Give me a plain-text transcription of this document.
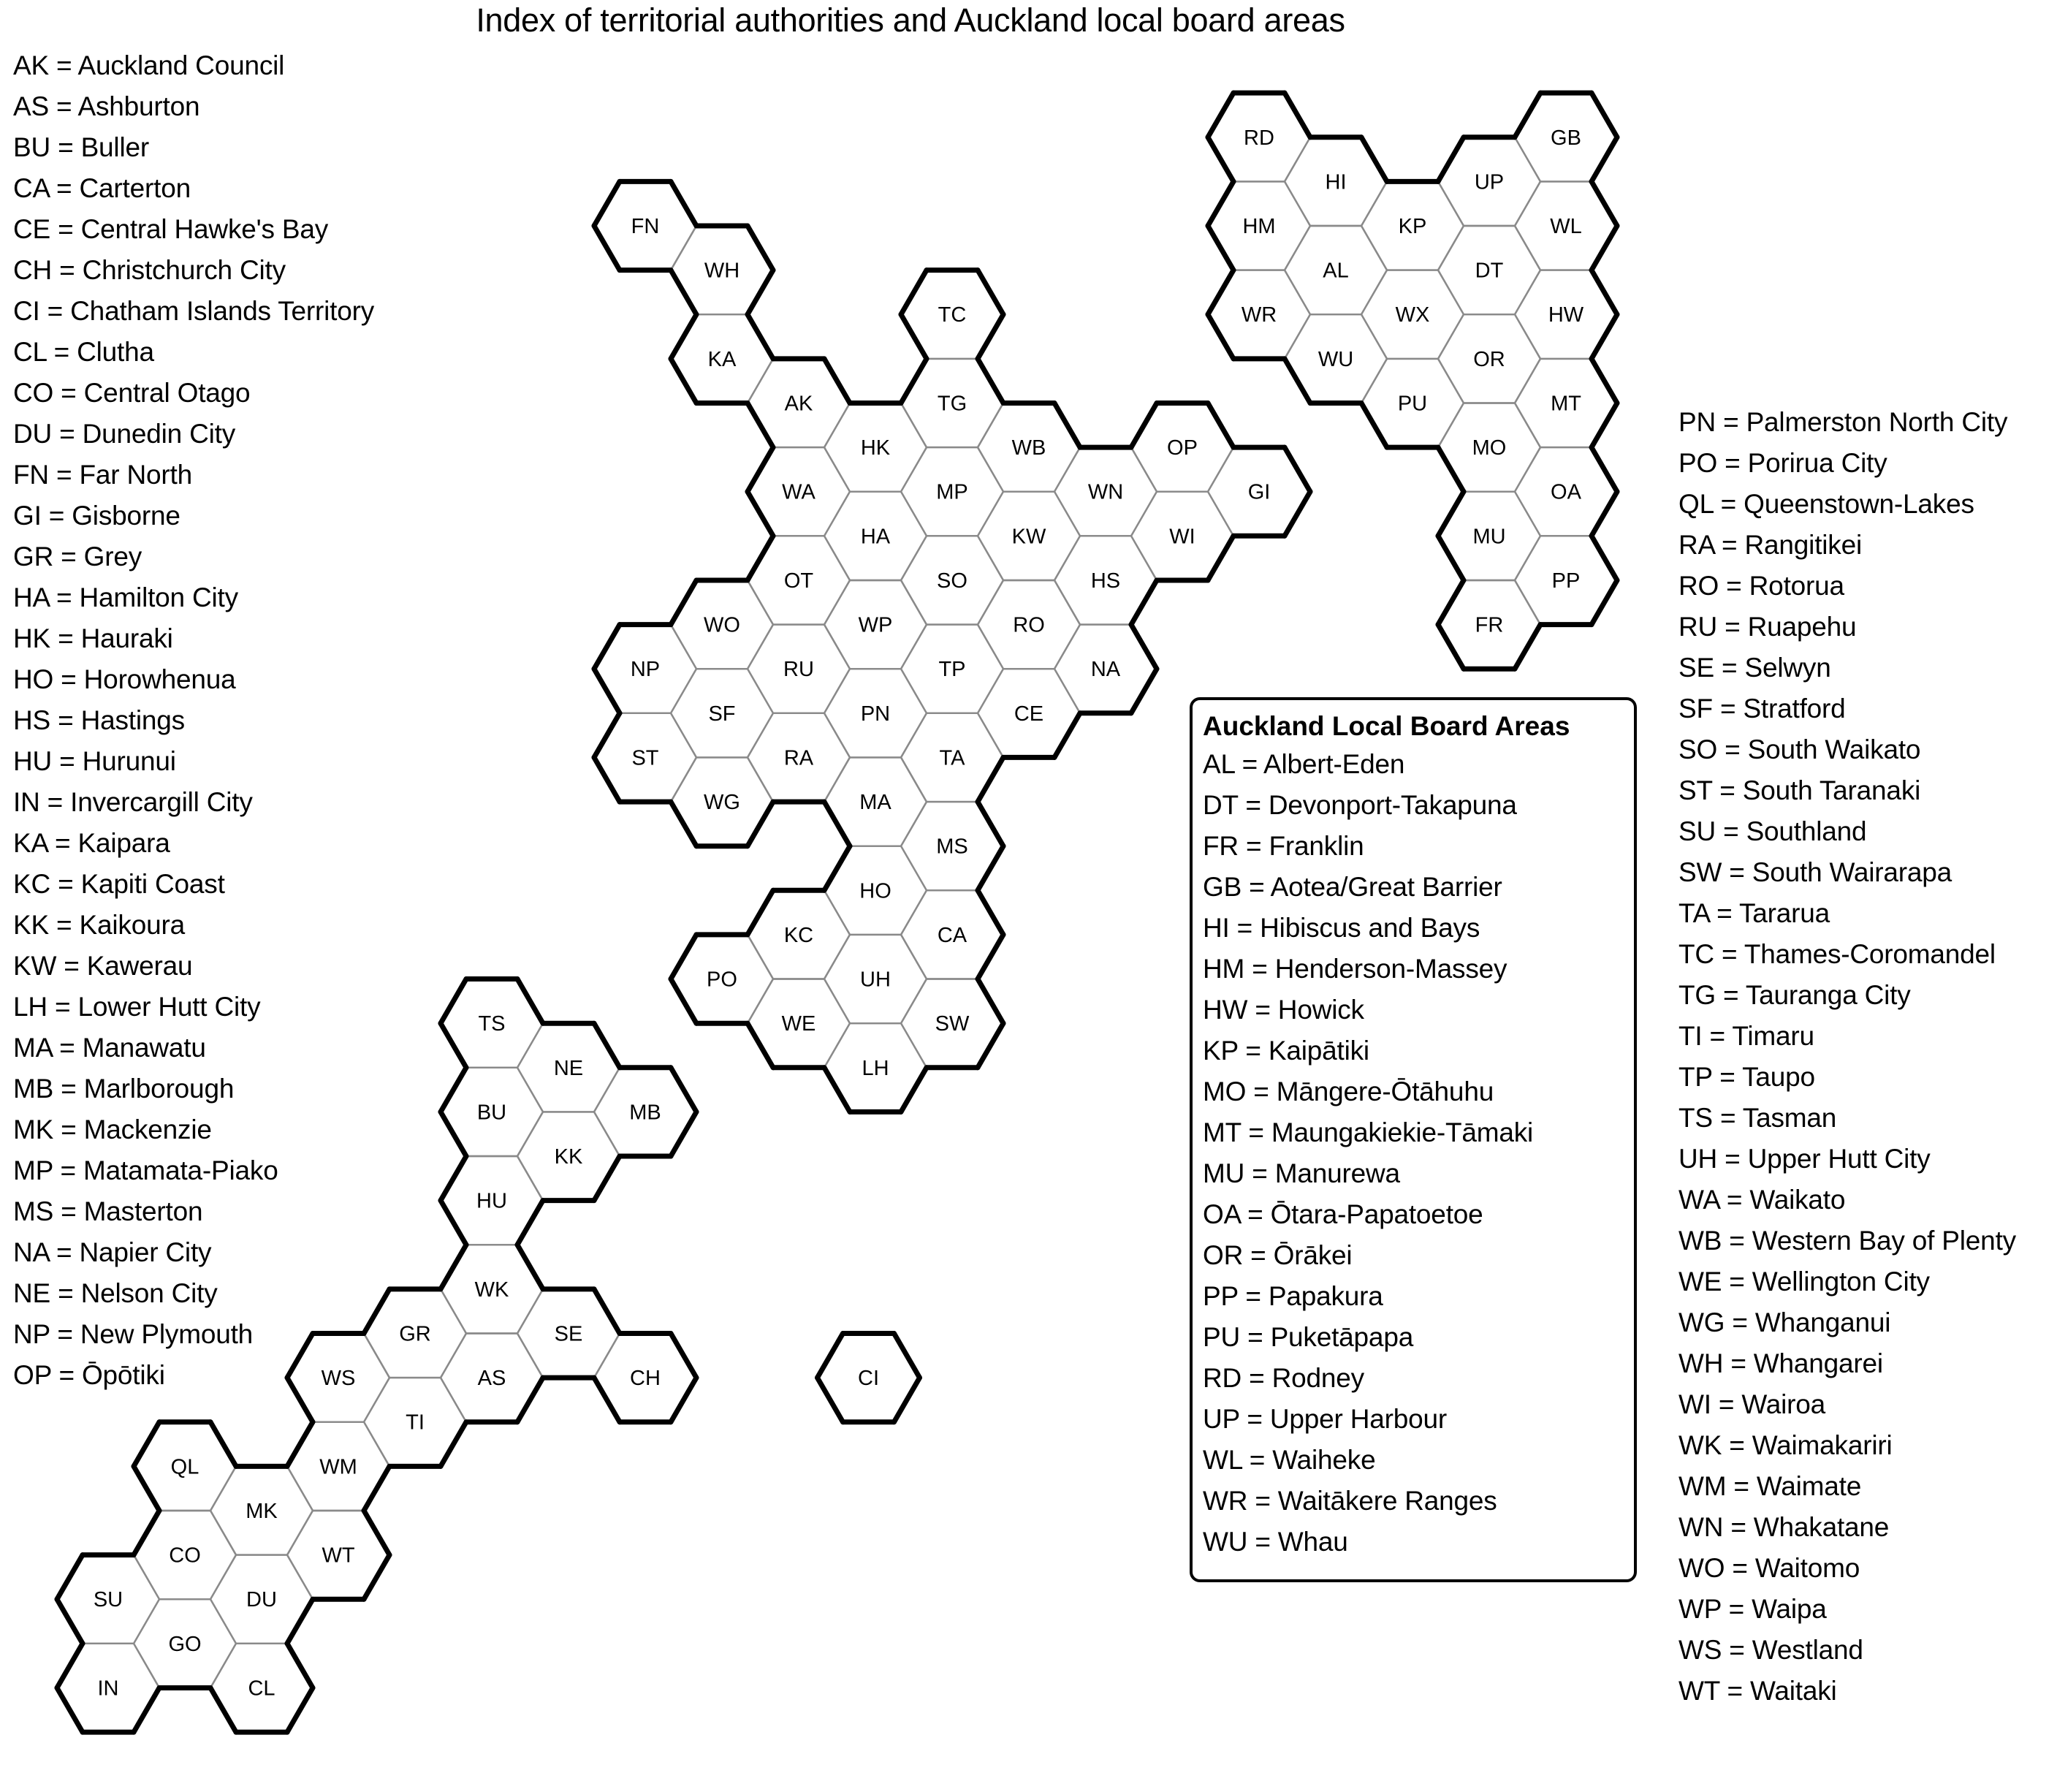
Index of territorial authorities and Auckland local board areas
FN
WH
TC
KA
AK	TG
HK	WB	OP
WA	MP	WN	GI
HA	KW	WI
OT	SO	HS
WO	WP	RO
NP	RU	TP	NA
SF	PN	CE
ST	RA	TA
WG	MA
MS
HO
KC	CA
PO	UH
WE	SW
LH
TS
NE
MB
BU
KK
HU
WK
GR	SE
WS	AS	CH
TI
QL	WM
MK
WT
CO
SU	DU
GO
IN	CL
CI
RD	GB
HI	UP
HM	KP	WL
AL	DT
WR	WX	HW
WU	OR
PU	MT
MO
OA
MU
PP
FR
AK = Auckland Council
AS = Ashburton
BU = Buller
CA = Carterton
CE = Central Hawke's Bay
CH = Christchurch City
CI = Chatham Islands Territory
CL = Clutha
CO = Central Otago
DU = Dunedin City
FN = Far North
GI = Gisborne
GR = Grey
HA = Hamilton City
HK = Hauraki
HO = Horowhenua
HS = Hastings
HU = Hurunui
IN = Invercargill City
KA = Kaipara
KC = Kapiti Coast
KK = Kaikoura
KW = Kawerau
LH = Lower Hutt City
MA = Manawatu
MB = Marlborough
MK = Mackenzie
MP = Matamata-Piako
MS = Masterton
NA = Napier City
NE = Nelson City
NP = New Plymouth
OP = Ōpōtiki
PN = Palmerston North City
PO = Porirua City
QL = Queenstown-Lakes
RA = Rangitikei
RO = Rotorua
RU = Ruapehu
SE = Selwyn
SF = Stratford
SO = South Waikato
ST = South Taranaki
SU = Southland
SW = South Wairarapa
TA = Tararua
TC = Thames-Coromandel
TG = Tauranga City
TI = Timaru
TP = Taupo
TS = Tasman
UH = Upper Hutt City
WA = Waikato
WB = Western Bay of Plenty
WE = Wellington City
WG = Whanganui
WH = Whangarei
WI = Wairoa
WK = Waimakariri
WM = Waimate
WN = Whakatane
WO = Waitomo
WP = Waipa
WS = Westland
WT = Waitaki
Auckland Local Board Areas
AL = Albert-Eden
DT = Devonport-Takapuna
FR = Franklin
GB = Aotea/Great Barrier
HI = Hibiscus and Bays
HM = Henderson-Massey
HW = Howick
KP = Kaipātiki
MO = Māngere-Ōtāhuhu
MT = Maungakiekie-Tāmaki
MU = Manurewa
OA = Ōtara-Papatoetoe
OR = Ōrākei
PP = Papakura
PU = Puketāpapa
RD = Rodney
UP = Upper Harbour
WL = Waiheke
WR = Waitākere Ranges
WU = Whau
